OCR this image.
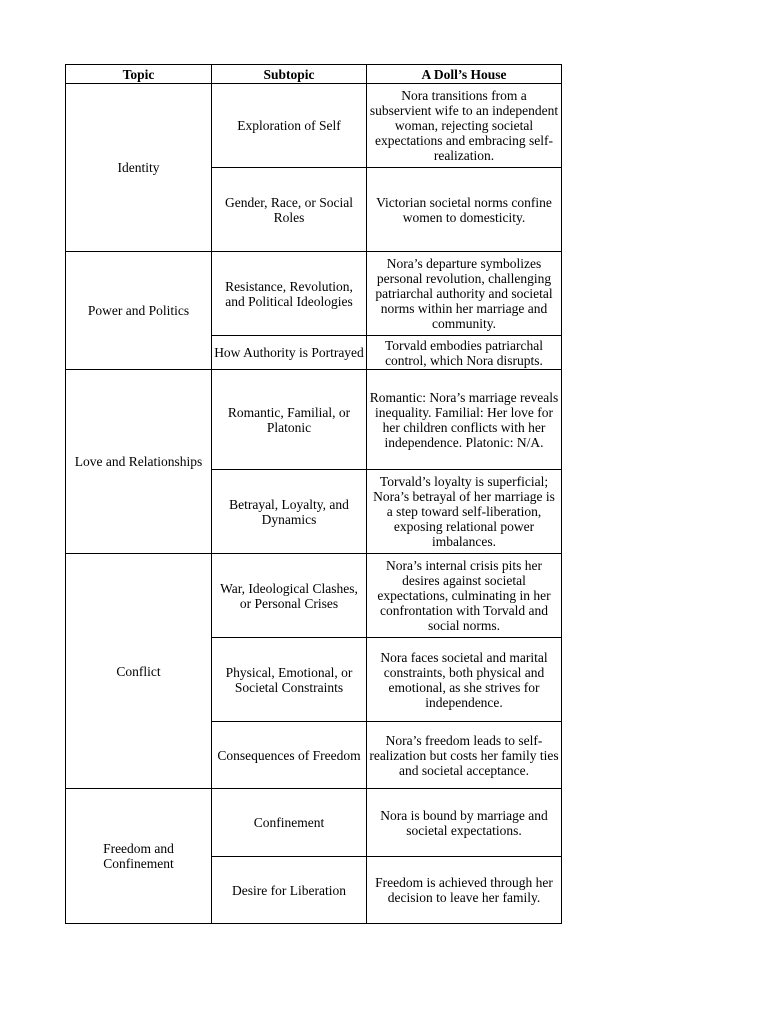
Topic	Subtopic	A Doll’s House
Identity	Exploration of Self	Nora transitions from a subservient wife to an independent woman, rejecting societal expectations and embracing self-realization.
	Gender, Race, or Social Roles	Victorian societal norms confine women to domesticity.
Power and Politics	Resistance, Revolution, and Political Ideologies	Nora’s departure symbolizes personal revolution, challenging patriarchal authority and societal norms within her marriage and community.
	How Authority is Portrayed	Torvald embodies patriarchal control, which Nora disrupts.
Love and Relationships	Romantic, Familial, or Platonic	Romantic: Nora’s marriage reveals inequality. Familial: Her love for her children conflicts with her independence. Platonic: N/A.
	Betrayal, Loyalty, and Dynamics	Torvald’s loyalty is superficial; Nora’s betrayal of her marriage is a step toward self-liberation, exposing relational power imbalances.
Conflict	War, Ideological Clashes, or Personal Crises	Nora’s internal crisis pits her desires against societal expectations, culminating in her confrontation with Torvald and social norms.
	Physical, Emotional, or Societal Constraints	Nora faces societal and marital constraints, both physical and emotional, as she strives for independence.
	Consequences of Freedom	Nora’s freedom leads to self-realization but costs her family ties and societal acceptance.
Freedom and Confinement	Confinement	Nora is bound by marriage and societal expectations.
	Desire for Liberation	Freedom is achieved through her decision to leave her family.
